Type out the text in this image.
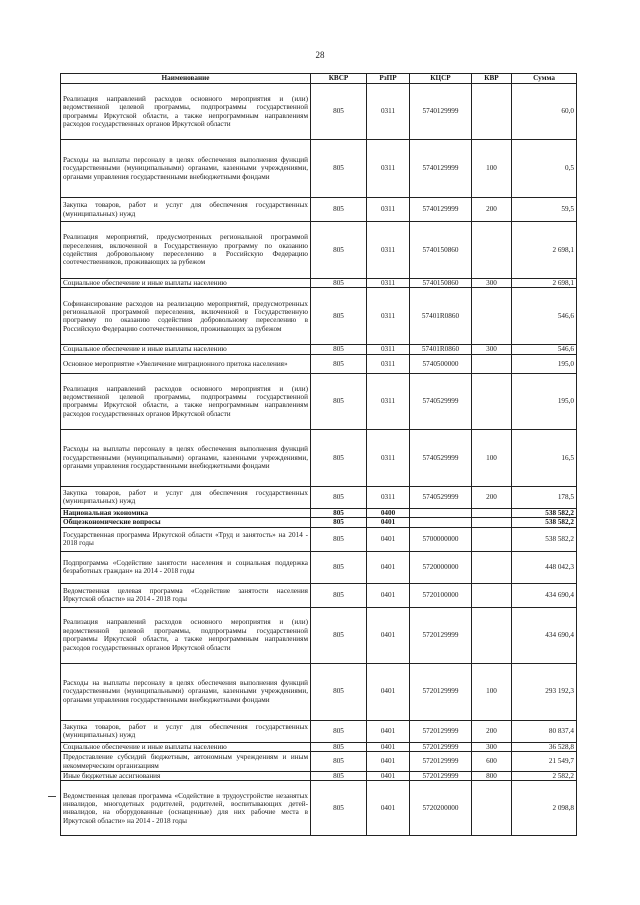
28
Наименование	КВСР	РзПР	КЦСР	КВР	Сумма
Реализация направлений расходов основного мероприятия и (или) ведомственной целевой программы, подпрограммы государственной программы Иркутской области, а также непрограммным направлениям расходов государственных органов Иркутской области	805	0311	5740129999		60,0
Расходы на выплаты персоналу в целях обеспечения выполнения функций государственными (муниципальными) органами, казенными учреждениями, органами управления государственными внебюджетными фондами	805	0311	5740129999	100	0,5
Закупка товаров, работ и услуг для обеспечения государственных (муниципальных) нужд	805	0311	5740129999	200	59,5
Реализация мероприятий, предусмотренных региональной программой переселения, включенной в Государственную программу по оказанию содействия добровольному переселению в Российскую Федерацию соотечественников, проживающих за рубежом	805	0311	5740150860		2 698,1
Социальное обеспечение и иные выплаты населению	805	0311	5740150860	300	2 698,1
Софинансирование расходов на реализацию мероприятий, предусмотренных региональной программой переселения, включенной в Государственную программу по оказанию содействия добровольному переселению в Российскую Федерацию соотечественников, проживающих за рубежом	805	0311	57401R0860		546,6
Социальное обеспечение и иные выплаты населению	805	0311	57401R0860	300	546,6
Основное мероприятие «Увеличение миграционного притока населения»	805	0311	5740500000		195,0
Реализация направлений расходов основного мероприятия и (или) ведомственной целевой программы, подпрограммы государственной программы Иркутской области, а также непрограммным направлениям расходов государственных органов Иркутской области	805	0311	5740529999		195,0
Расходы на выплаты персоналу в целях обеспечения выполнения функций государственными (муниципальными) органами, казенными учреждениями, органами управления государственными внебюджетными фондами	805	0311	5740529999	100	16,5
Закупка товаров, работ и услуг для обеспечения государственных (муниципальных) нужд	805	0311	5740529999	200	178,5
Национальная экономика	805	0400			538 582,2
Общеэкономические вопросы	805	0401			538 582,2
Государственная программа Иркутской области «Труд и занятость» на 2014 - 2018 годы	805	0401	5700000000		538 582,2
Подпрограмма «Содействие занятости населения и социальная поддержка безработных граждан» на 2014 - 2018 годы	805	0401	5720000000		448 042,3
Ведомственная целевая программа «Содействие занятости населения Иркутской области» на 2014 - 2018 годы	805	0401	5720100000		434 690,4
Реализация направлений расходов основного мероприятия и (или) ведомственной целевой программы, подпрограммы государственной программы Иркутской области, а также непрограммным направлениям расходов государственных органов Иркутской области	805	0401	5720129999		434 690,4
Расходы на выплаты персоналу в целях обеспечения выполнения функций государственными (муниципальными) органами, казенными учреждениями, органами управления государственными внебюджетными фондами	805	0401	5720129999	100	293 192,3
Закупка товаров, работ и услуг для обеспечения государственных (муниципальных) нужд	805	0401	5720129999	200	80 837,4
Социальное обеспечение и иные выплаты населению	805	0401	5720129999	300	36 528,8
Предоставление субсидий бюджетным, автономным учреждениям и иным некоммерческим организациям	805	0401	5720129999	600	21 549,7
Иные бюджетные ассигнования	805	0401	5720129999	800	2 582,2
Ведомственная целевая программа «Содействие в трудоустройстве незанятых инвалидов, многодетных родителей, родителей, воспитывающих детей-инвалидов, на оборудованные (оснащенные) для них рабочие места в Иркутской области» на 2014 - 2018 годы	805	0401	5720200000		2 098,8
